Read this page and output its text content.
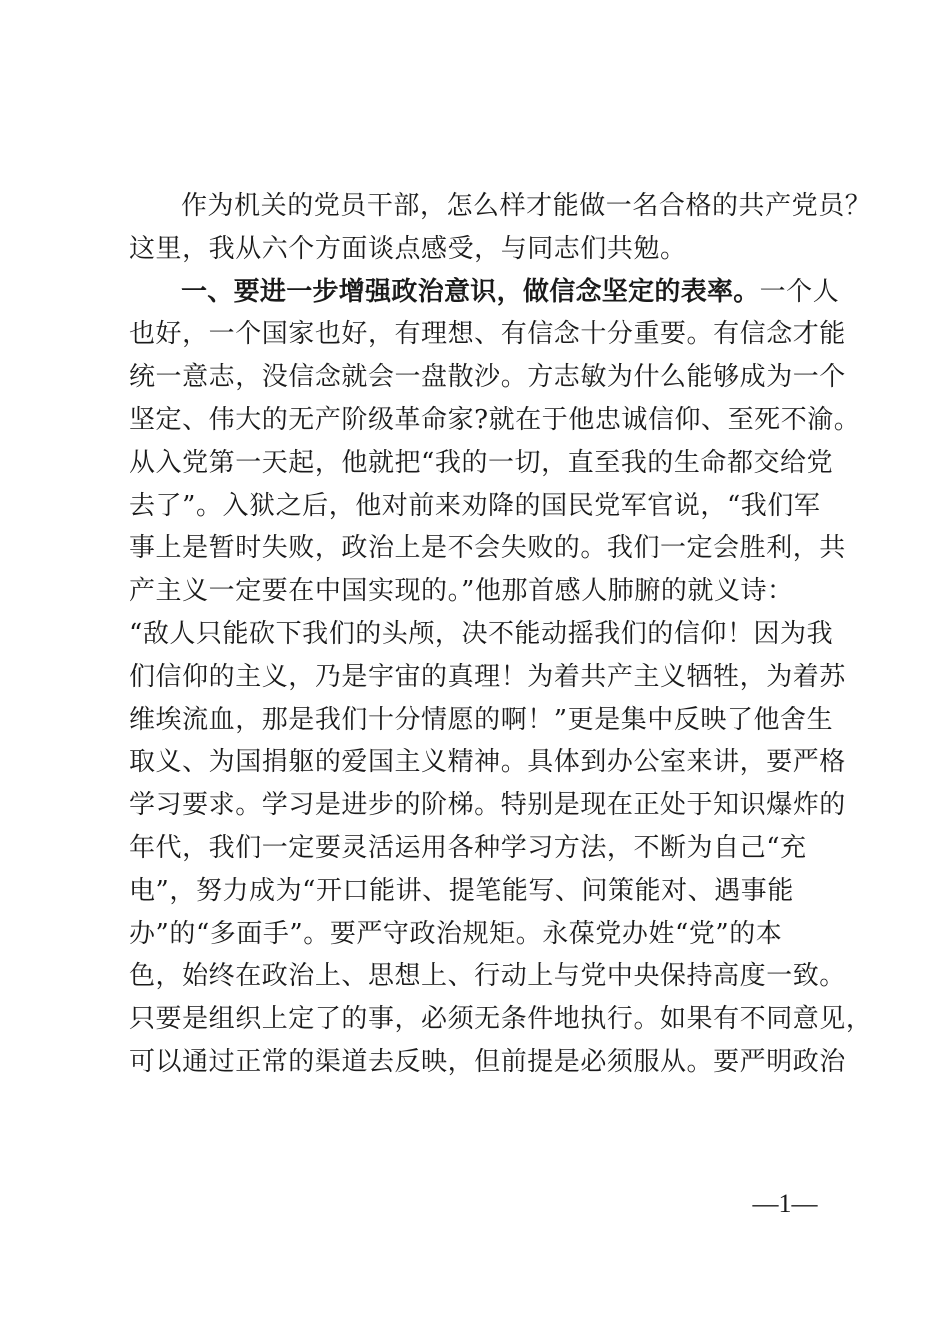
作为机关的党员干部，怎么样才能做一名合格的共产党员？
这里，我从六个方面谈点感受，与同志们共勉。
一、要进一步增强政治意识，做信念坚定的表率。一个人
也好，一个国家也好，有理想、有信念十分重要。有信念才能
统一意志，没信念就会一盘散沙。方志敏为什么能够成为一个
坚定、伟大的无产阶级革命家?就在于他忠诚信仰、至死不渝。
从入党第一天起，他就把“我的一切，直至我的生命都交给党
去了”。入狱之后，他对前来劝降的国民党军官说，“我们军
事上是暂时失败，政治上是不会失败的。我们一定会胜利，共
产主义一定要在中国实现的。”他那首感人肺腑的就义诗：
“敌人只能砍下我们的头颅，决不能动摇我们的信仰！因为我
们信仰的主义，乃是宇宙的真理！为着共产主义牺牲，为着苏
维埃流血，那是我们十分情愿的啊！”更是集中反映了他舍生
取义、为国捐躯的爱国主义精神。具体到办公室来讲，要严格
学习要求。学习是进步的阶梯。特别是现在正处于知识爆炸的
年代，我们一定要灵活运用各种学习方法，不断为自己“充
电”，努力成为“开口能讲、提笔能写、问策能对、遇事能
办”的“多面手”。要严守政治规矩。永葆党办姓“党”的本
色，始终在政治上、思想上、行动上与党中央保持高度一致。
只要是组织上定了的事，必须无条件地执行。如果有不同意见，
可以通过正常的渠道去反映，但前提是必须服从。要严明政治
—1—
